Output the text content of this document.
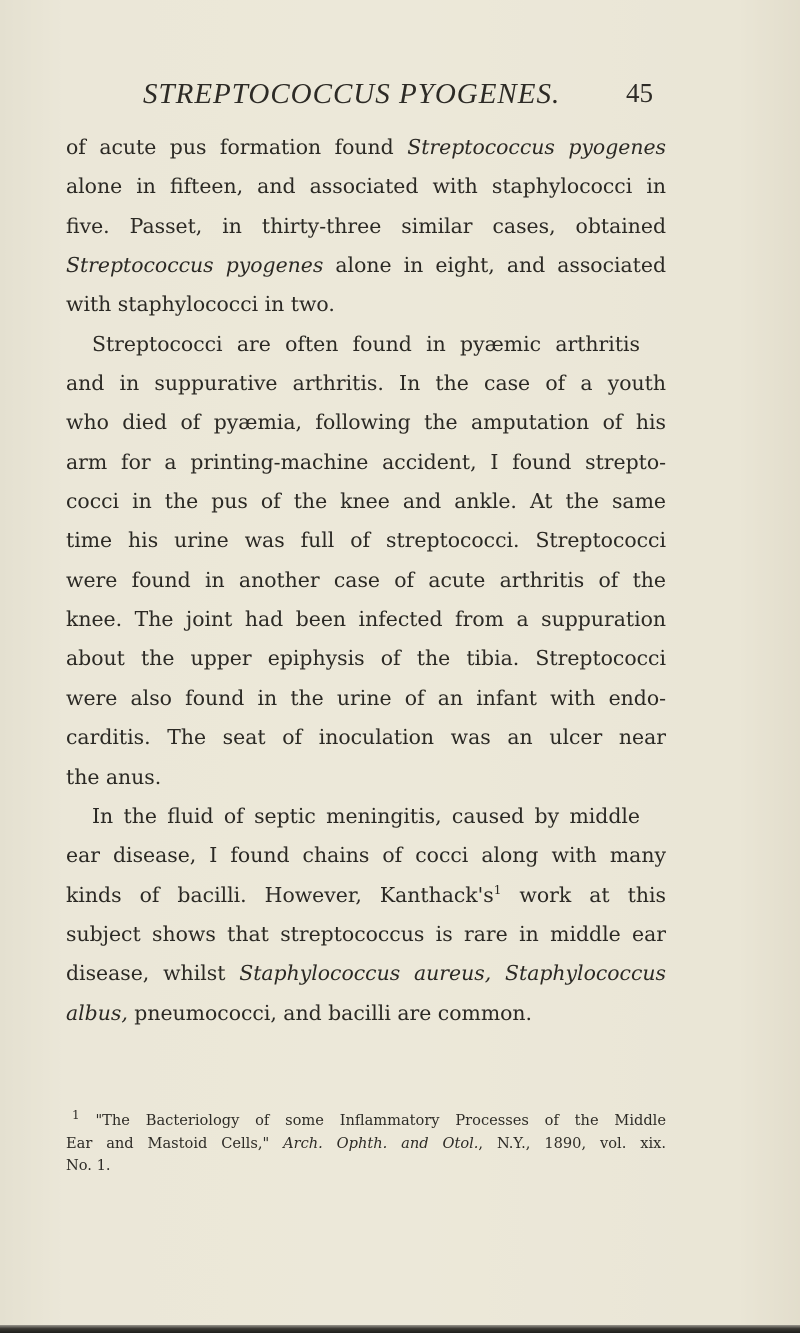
STREPTOCOCCUS PYOGENES. 45
of acute pus formation found Streptococcus pyogenes
alone in fifteen, and associated with staphylococci in
five. Passet, in thirty-three similar cases, obtained
Streptococcus pyogenes alone in eight, and associated
with staphylococci in two.
Streptococci are often found in pyæmic arthritis
and in suppurative arthritis. In the case of a youth
who died of pyæmia, following the amputation of his
arm for a printing-machine accident, I found strepto-
cocci in the pus of the knee and ankle. At the same
time his urine was full of streptococci. Streptococci
were found in another case of acute arthritis of the
knee. The joint had been infected from a suppuration
about the upper epiphysis of the tibia. Streptococci
were also found in the urine of an infant with endo-
carditis. The seat of inoculation was an ulcer near
the anus.
In the fluid of septic meningitis, caused by middle
ear disease, I found chains of cocci along with many
kinds of bacilli. However, $Kanthack's^1$ work at this
subject shows that streptococcus is rare in middle ear
disease, whilst Staphylococcus aureus, Staphylococcus
albus, pneumococci, and bacilli are common.
$^1$ "The Bacteriology of some Inflammatory Processes of the Middle
Ear and Mastoid Cells," Arch. Ophth. and Otol., N.Y., 1890, vol. xix.
No. 1.
